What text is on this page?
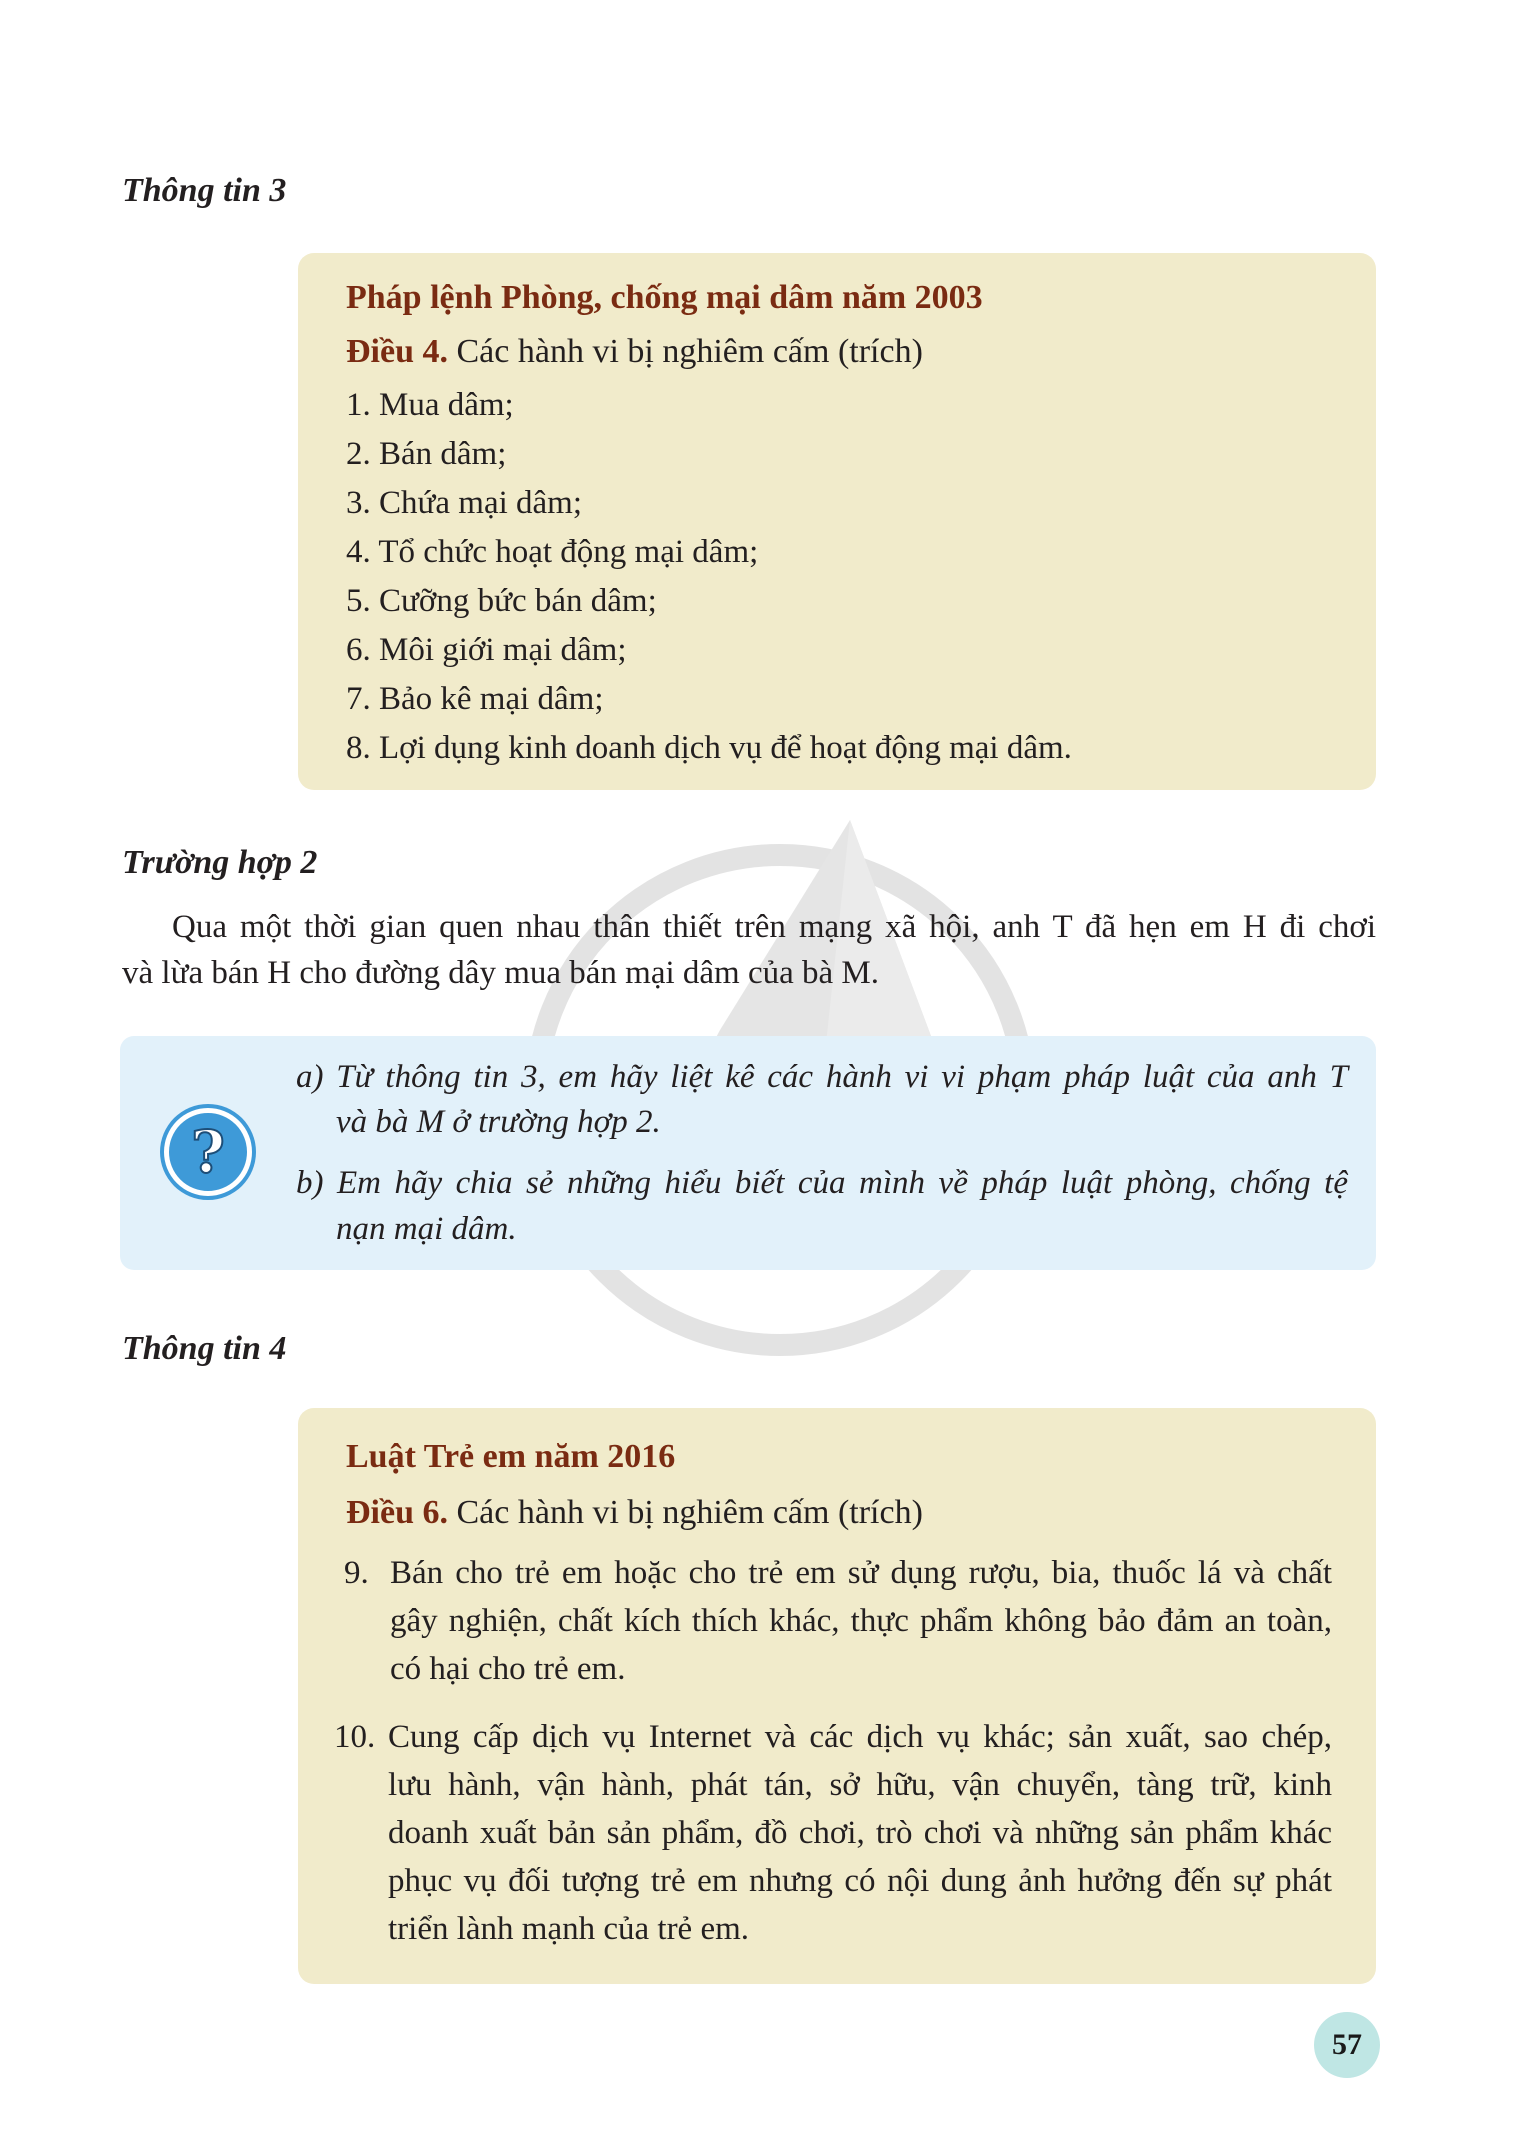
Thông tin 3
Pháp lệnh Phòng, chống mại dâm năm 2003
Điều 4. Các hành vi bị nghiêm cấm (trích)
1. Mua dâm;
2. Bán dâm;
3. Chứa mại dâm;
4. Tổ chức hoạt động mại dâm;
5. Cưỡng bức bán dâm;
6. Môi giới mại dâm;
7. Bảo kê mại dâm;
8. Lợi dụng kinh doanh dịch vụ để hoạt động mại dâm.
Trường hợp 2
Qua một thời gian quen nhau thân thiết trên mạng xã hội, anh T đã hẹn em H đi chơi
và lừa bán H cho đường dây mua bán mại dâm của bà M.
?
a) Từ thông tin 3, em hãy liệt kê các hành vi vi phạm pháp luật của anh T
và bà M ở trường hợp 2.
b) Em hãy chia sẻ những hiểu biết của mình về pháp luật phòng, chống tệ
nạn mại dâm.
Thông tin 4
Luật Trẻ em năm 2016
Điều 6. Các hành vi bị nghiêm cấm (trích)
9. Bán cho trẻ em hoặc cho trẻ em sử dụng rượu, bia, thuốc lá và chất
gây nghiện, chất kích thích khác, thực phẩm không bảo đảm an toàn,
có hại cho trẻ em.
10. Cung cấp dịch vụ Internet và các dịch vụ khác; sản xuất, sao chép,
lưu hành, vận hành, phát tán, sở hữu, vận chuyển, tàng trữ, kinh
doanh xuất bản sản phẩm, đồ chơi, trò chơi và những sản phẩm khác
phục vụ đối tượng trẻ em nhưng có nội dung ảnh hưởng đến sự phát
triển lành mạnh của trẻ em.
57
